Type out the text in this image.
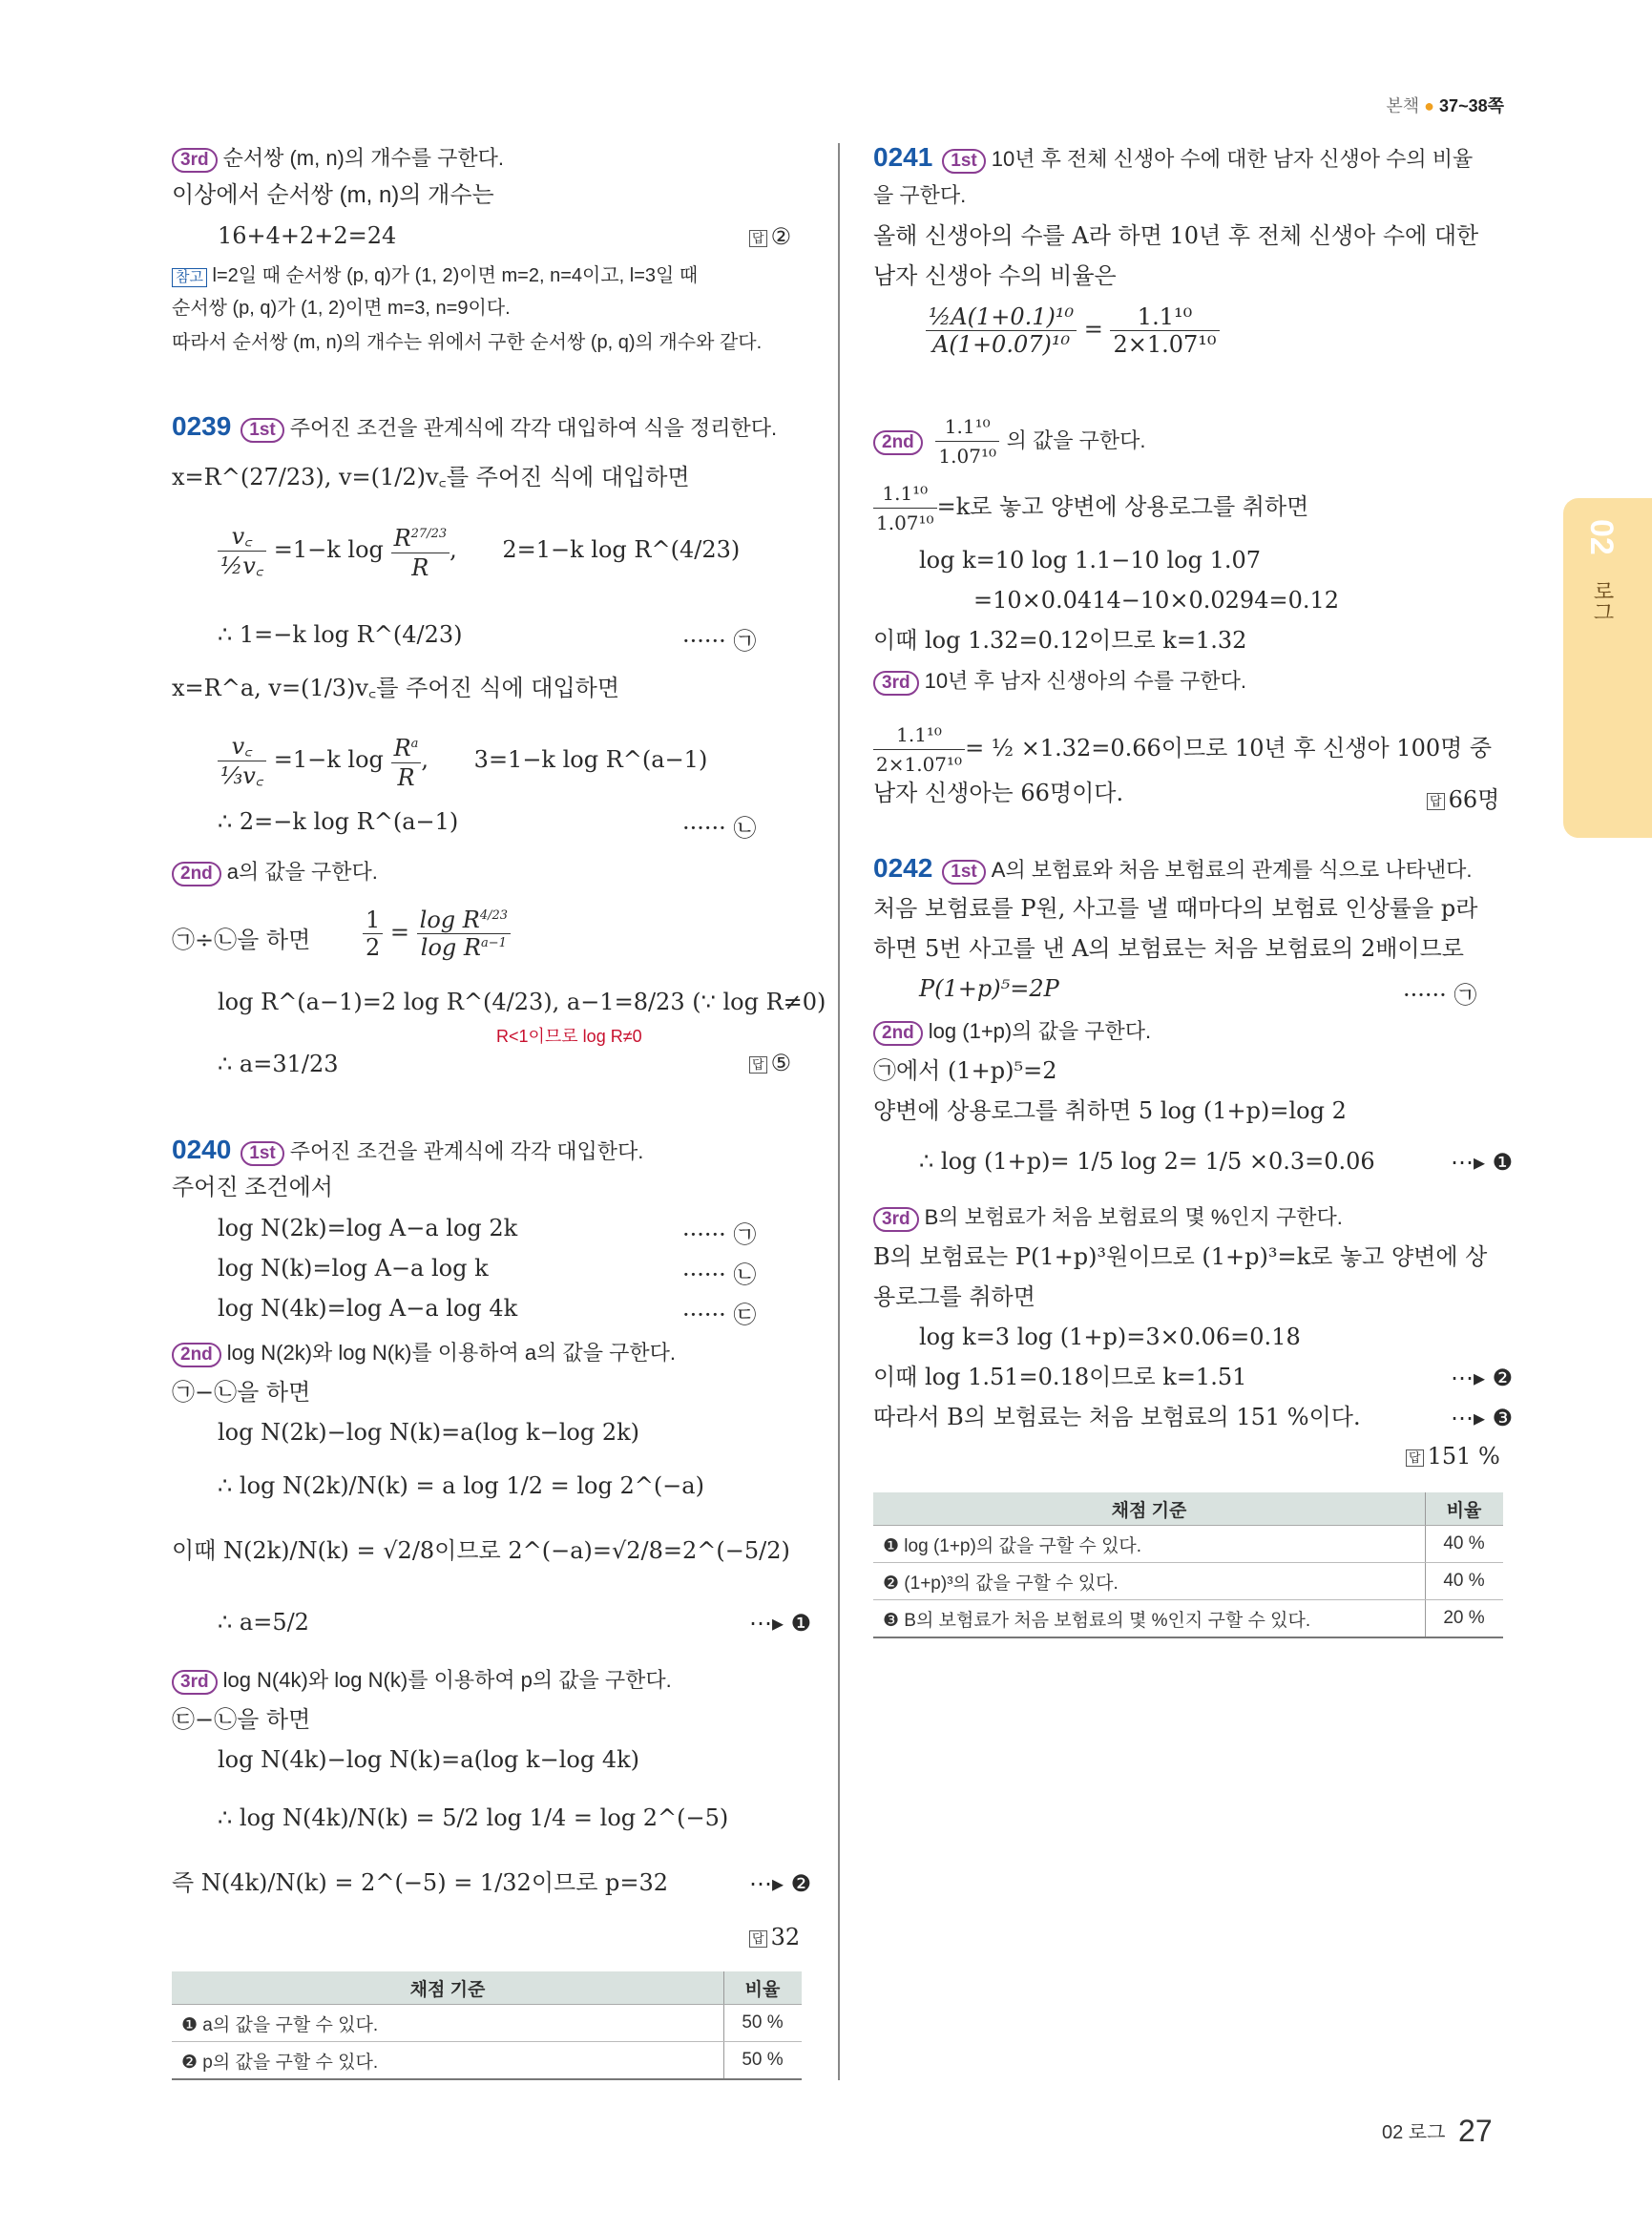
본책 ● 37~38쪽
02
로그
3rd 순서쌍 (m, n)의 개수를 구한다.
이상에서 순서쌍 (m, n)의 개수는
16+4+2+2=24	답 ②
참고 l=2일 때 순서쌍 (p, q)가 (1, 2)이면 m=2, n=4이고, l=3일 때
순서쌍 (p, q)가 (1, 2)이면 m=3, n=9이다.
따라서 순서쌍 (m, n)의 개수는 위에서 구한 순서쌍 (p, q)의 개수와 같다.
0239 1st 주어진 조건을 관계식에 각각 대입하여 식을 정리한다.
x=R^(27/23), v=(1/2)v꜀를 주어진 식에 대입하면
$\frac{v꜀}{\text{½v꜀}} =1-k$ $\log \frac{R^{27/23}}{R}$ , 2=1−k log R^(4/23)
∴ 1=−k log R^(4/23)	······ ㉠
x=R^a, v=(1/3)v꜀를 주어진 식에 대입하면
$\frac{v꜀}{\text{⅓v꜀}} =1-k$ $\log \frac{R^a}{R}$ , 3=1−k log R^(a−1)
∴ 2=−k log R^(a−1)	······ ㉡
2nd a의 값을 구한다.
㉠÷㉡을 하면 $\frac{1}{2} = \frac{\log R^{4/23}}{\log R^{a-1}}$
log R^(a−1)=2 log R^(4/23), a−1=8/23 (∵ log R≠0)
R<1이므로 log R≠0
∴ a=31/23	답 ⑤
0240 1st 주어진 조건을 관계식에 각각 대입한다.
주어진 조건에서
log N(2k)=log A−a log 2k	······ ㉠
log N(k)=log A−a log k	······ ㉡
log N(4k)=log A−a log 4k	······ ㉢
2nd log N(2k)와 log N(k)를 이용하여 a의 값을 구한다.
㉠−㉡을 하면
log N(2k)−log N(k)=a(log k−log 2k)
∴ log N(2k)/N(k) = a log 1/2 = log 2^(−a)
이때 N(2k)/N(k) = √2/8이므로 2^(−a)=√2/8=2^(−5/2)
∴ a=5/2	⋯▸ ❶
3rd log N(4k)와 log N(k)를 이용하여 p의 값을 구한다.
㉢−㉡을 하면
log N(4k)−log N(k)=a(log k−log 4k)
∴ log N(4k)/N(k) = 5/2 log 1/4 = log 2^(−5)
즉 N(4k)/N(k) = 2^(−5) = 1/32이므로 p=32	⋯▸ ❷
답 32
채점 기준	비율
❶ a의 값을 구할 수 있다.	50 %
❷ p의 값을 구할 수 있다.	50 %
0241 1st 10년 후 전체 신생아 수에 대한 남자 신생아 수의 비율
을 구한다.
올해 신생아의 수를 A라 하면 10년 후 전체 신생아 수에 대한
남자 신생아 수의 비율은
$\frac{\text{½A(1+0.1)¹⁰}}{\text{A(1+0.07)¹⁰}} = \frac{\text{1.1¹⁰}}{\text{2×1.07¹⁰}}$
$2nd \frac{\text{1.1¹⁰}}{\text{1.07¹⁰}}$ 의 값을 구한다.
$\frac{\text{1.1¹⁰}}{\text{1.07¹⁰}} =k$로 놓고 양변에 상용로그를 취하면
log k=10 log 1.1−10 log 1.07
=10×0.0414−10×0.0294=0.12
이때 log 1.32=0.12이므로 k=1.32
3rd 10년 후 남자 신생아의 수를 구한다.
$\frac{\text{1.1¹⁰}}{\text{2×1.07¹⁰}}$ = ½ ×1.32=0.66이므로 10년 후 신생아 100명 중
남자 신생아는 66명이다.	답 66명
0242 1st A의 보험료와 처음 보험료의 관계를 식으로 나타낸다.
처음 보험료를 P원, 사고를 낼 때마다의 보험료 인상률을 p라
하면 5번 사고를 낸 A의 보험료는 처음 보험료의 2배이므로
P(1+p)⁵=2P	······ ㉠
2nd log (1+p)의 값을 구한다.
㉠에서 (1+p)⁵=2
양변에 상용로그를 취하면 5 log (1+p)=log 2
∴ log (1+p)= 1/5 log 2= 1/5 ×0.3=0.06	⋯▸ ❶
3rd B의 보험료가 처음 보험료의 몇 %인지 구한다.
B의 보험료는 P(1+p)³원이므로 (1+p)³=k로 놓고 양변에 상
용로그를 취하면
log k=3 log (1+p)=3×0.06=0.18
이때 log 1.51=0.18이므로 k=1.51	⋯▸ ❷
따라서 B의 보험료는 처음 보험료의 151 %이다.	⋯▸ ❸
답 151 %
채점 기준	비율
❶ log (1+p)의 값을 구할 수 있다.	40 %
❷ (1+p)³의 값을 구할 수 있다.	40 %
❸ B의 보험료가 처음 보험료의 몇 %인지 구할 수 있다.	20 %
02 로그 27
